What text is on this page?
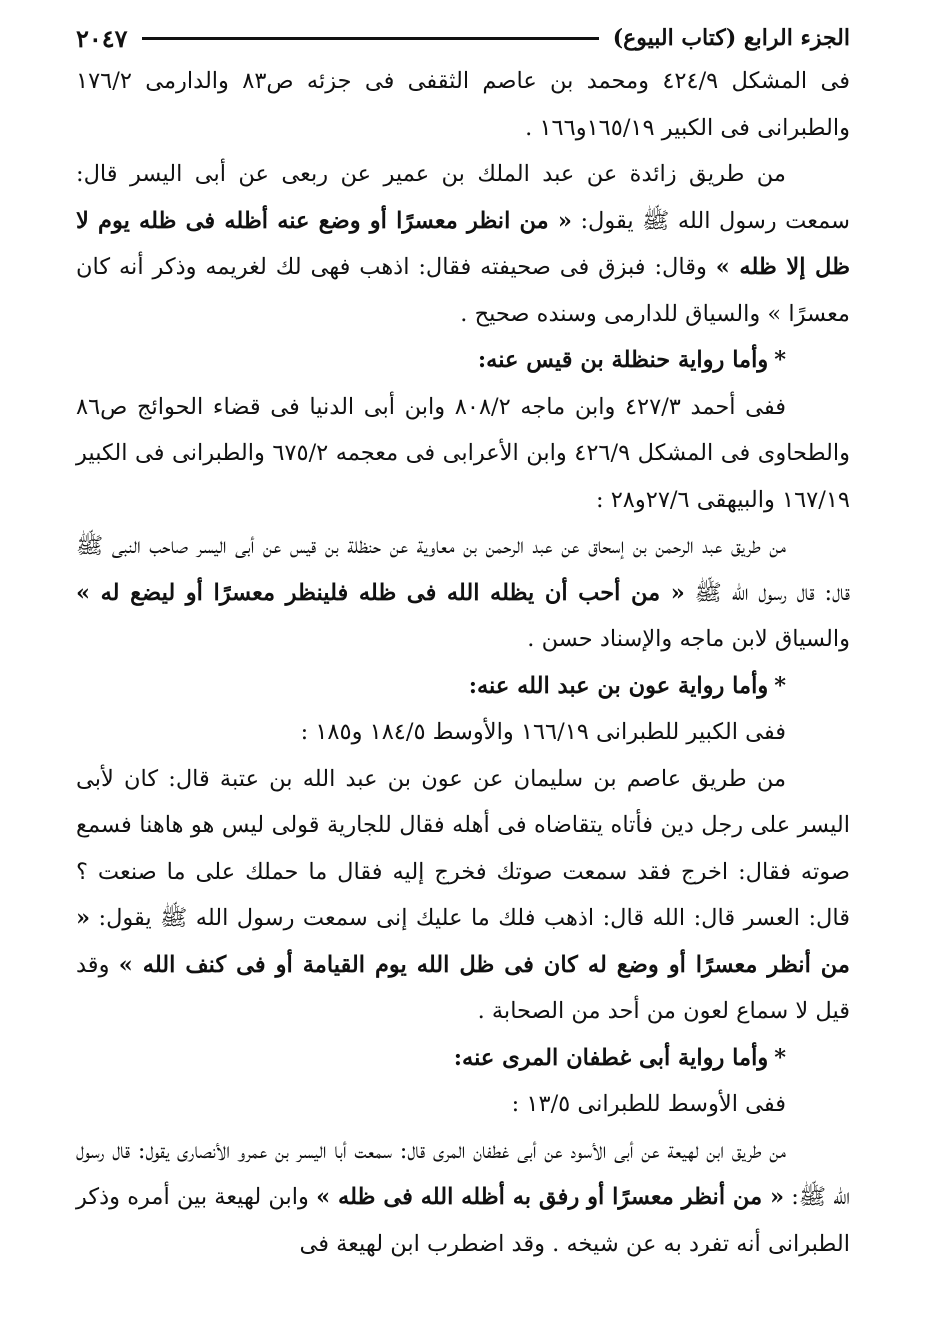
الجزء الرابع (كتاب البيوع)
٢٠٤٧

فى المشكل ٤٢٤/٩ ومحمد بن عاصم الثقفى فى جزئه ص٨٣ والدارمى ١٧٦/٢ والطبرانى فى الكبير ١٦٥/١٩و١٦٦ .

من طريق زائدة عن عبد الملك بن عمير عن ربعى عن أبى اليسر قال: سمعت رسول الله ﷺ يقول: « من انظر معسرًا أو وضع عنه أظله فى ظله يوم لا ظل إلا ظله » وقال: فبزق فى صحيفته فقال: اذهب فهى لك لغريمه وذكر أنه كان معسرًا » والسياق للدارمى وسنده صحيح .

*وأما رواية حنظلة بن قيس عنه:

ففى أحمد ٤٢٧/٣ وابن ماجه ٨٠٨/٢ وابن أبى الدنيا فى قضاء الحوائج ص٨٦ والطحاوى فى المشكل ٤٢٦/٩ وابن الأعرابى فى معجمه ٦٧٥/٢ والطبرانى فى الكبير ١٦٧/١٩ والبيهقى ٢٧/٦و٢٨ :

من طريق عبد الرحمن بن إسحاق عن عبد الرحمن بن معاوية عن حنظلة بن قيس عن أبى اليسر صاحب النبى ﷺ قال: قال رسول الله ﷺ « من أحب أن يظله الله فى ظله فلينظر معسرًا أو ليضع له » والسياق لابن ماجه والإسناد حسن .

*وأما رواية عون بن عبد الله عنه:

ففى الكبير للطبرانى ١٦٦/١٩ والأوسط ١٨٤/٥ و١٨٥ :

من طريق عاصم بن سليمان عن عون بن عبد الله بن عتبة قال: كان لأبى اليسر على رجل دين فأتاه يتقاضاه فى أهله فقال للجارية قولى ليس هو هاهنا فسمع صوته فقال: اخرج فقد سمعت صوتك فخرج إليه فقال ما حملك على ما صنعت ؟ قال: العسر قال: الله قال: اذهب فلك ما عليك إنى سمعت رسول الله ﷺ يقول: « من أنظر معسرًا أو وضع له كان فى ظل الله يوم القيامة أو فى كنف الله » وقد قيل لا سماع لعون من أحد من الصحابة .

*وأما رواية أبى غطفان المرى عنه:

ففى الأوسط للطبرانى ١٣/٥ :

من طريق ابن لهيعة عن أبى الأسود عن أبى غطفان المرى قال: سمعت أبا اليسر بن عمرو الأنصارى يقول: قال رسول الله ﷺ: « من أنظر معسرًا أو رفق به أظله الله فى ظله » وابن لهيعة بين أمره وذكر الطبرانى أنه تفرد به عن شيخه . وقد اضطرب ابن لهيعة فى
